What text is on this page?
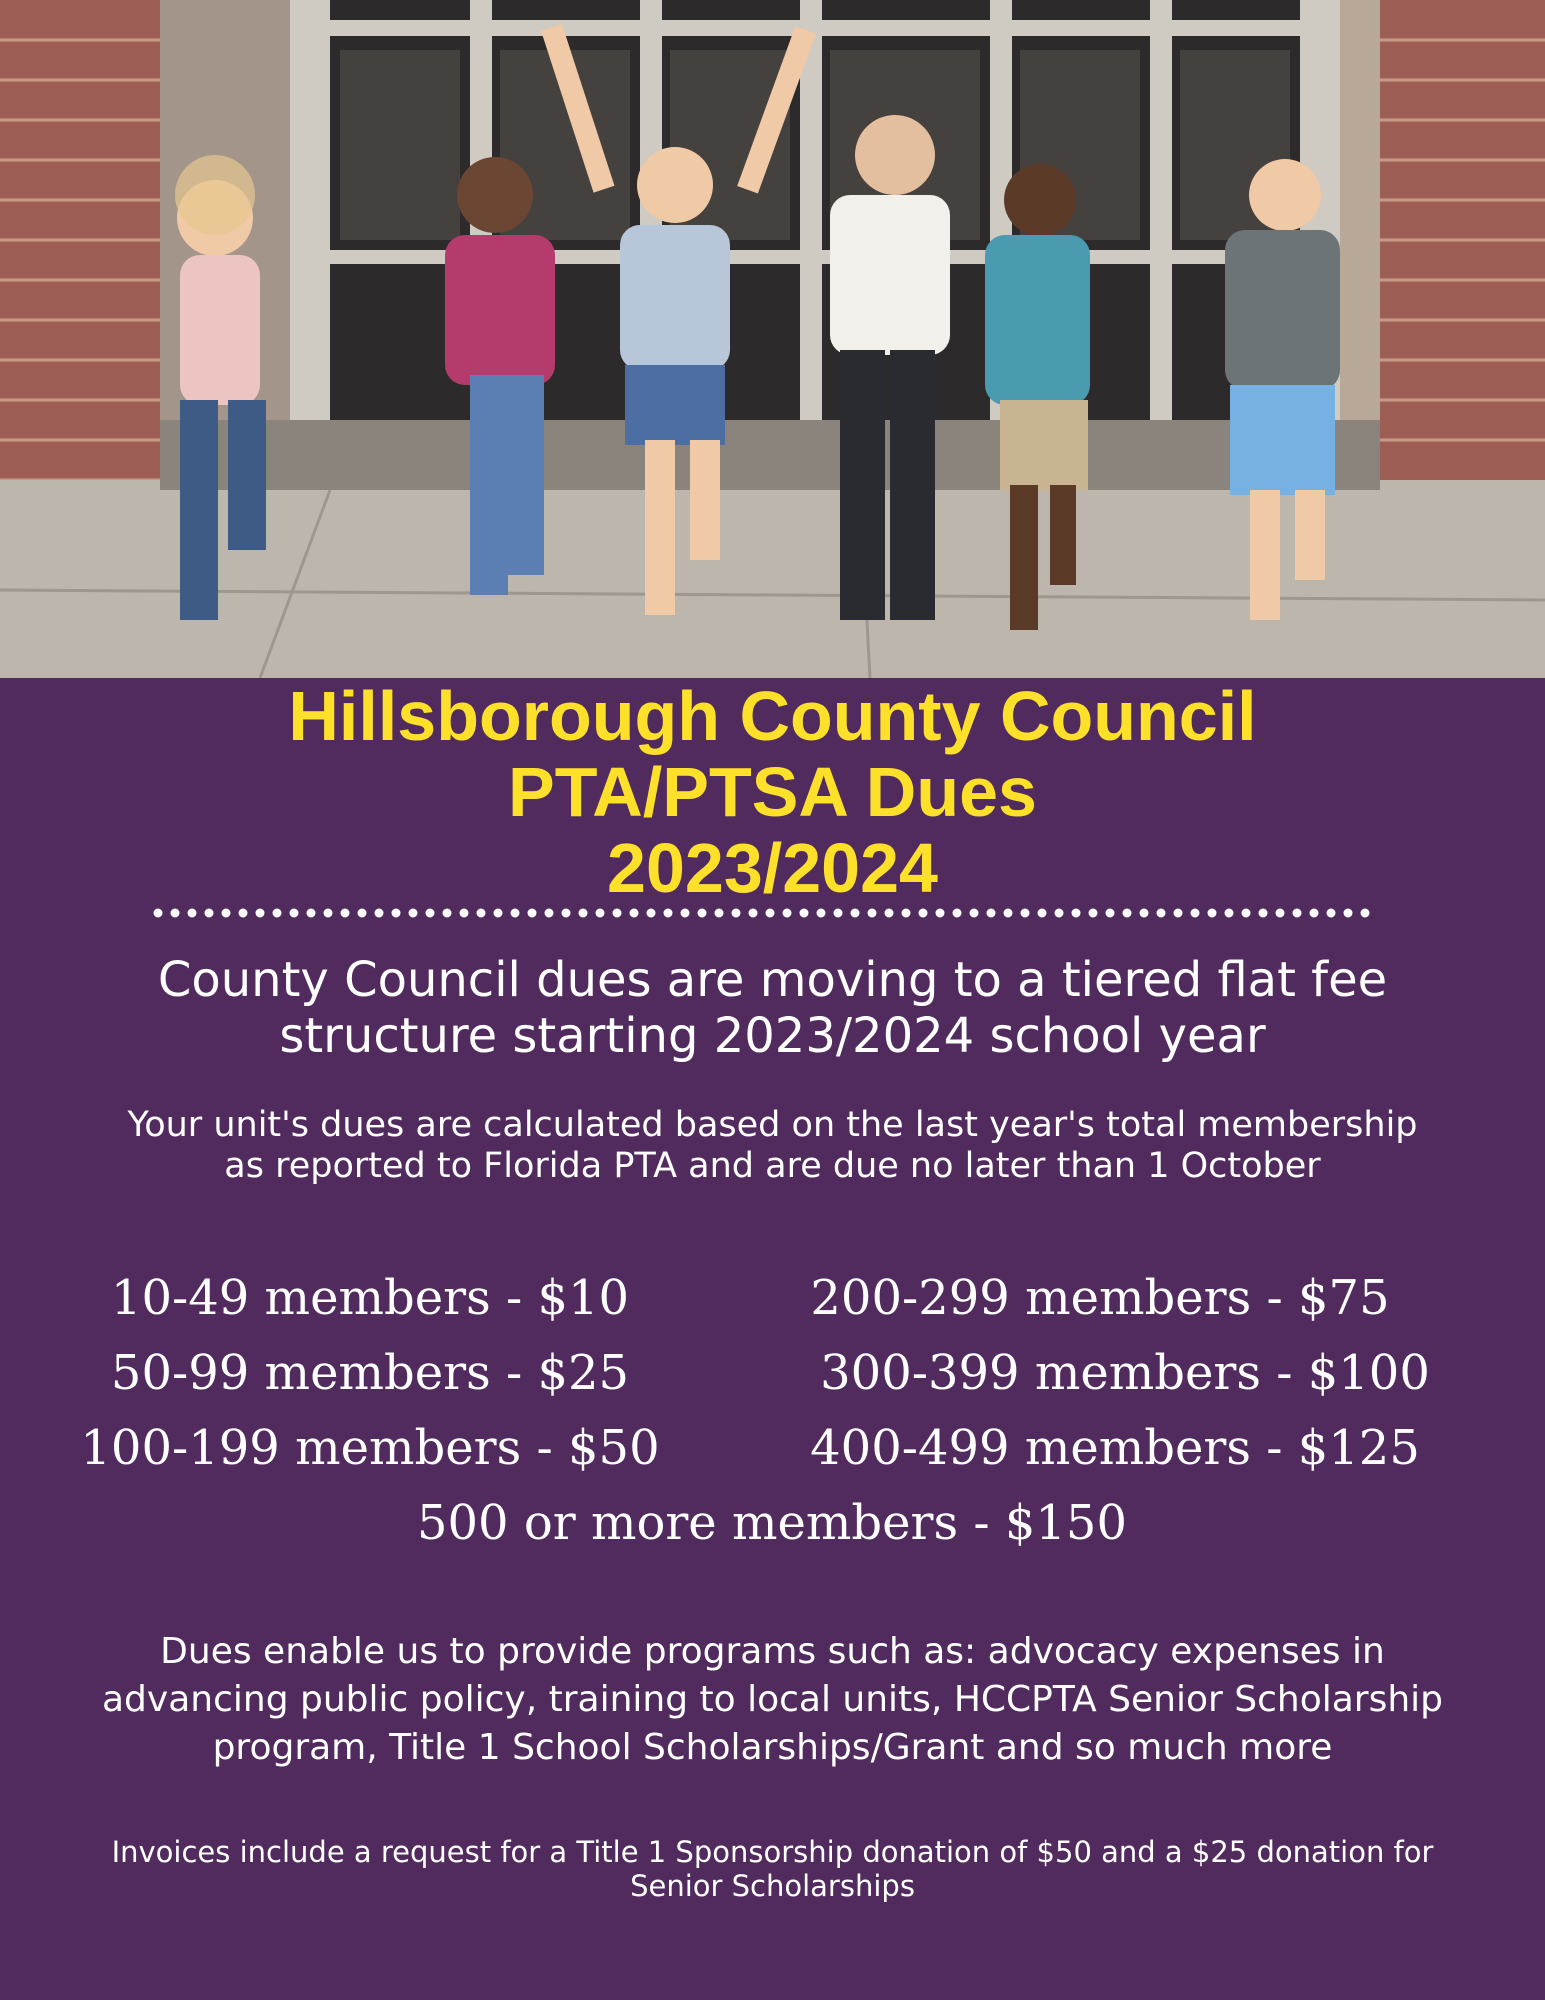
Hillsborough County Council
PTA/PTSA Dues
2023/2024
County Council dues are moving to a tiered flat fee
structure starting 2023/2024 school year
Your unit's dues are calculated based on the last year's total membership
as reported to Florida PTA and are due no later than 1 October
10-49 members - $10
50-99 members - $25
100-199 members - $50
200-299 members - $75
300-399 members - $100
400-499 members - $125
500 or more members - $150
Dues enable us to provide programs such as: advocacy expenses in
advancing public policy, training to local units, HCCPTA Senior Scholarship
program, Title 1 School Scholarships/Grant and so much more
Invoices include a request for a Title 1 Sponsorship donation of $50 and a $25 donation for
Senior Scholarships
